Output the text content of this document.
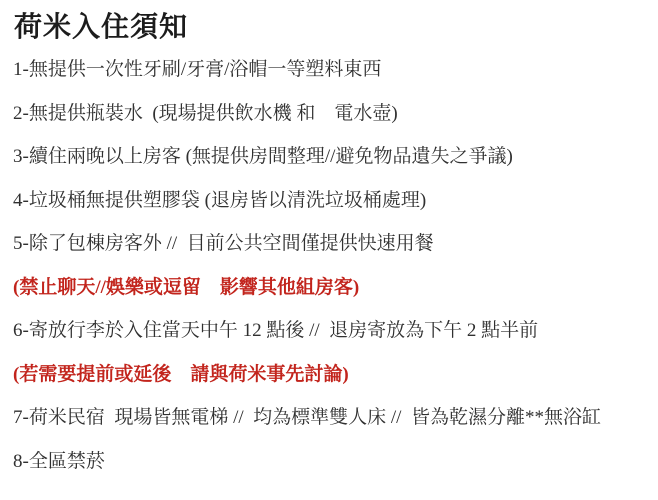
荷米入住須知
1-無提供一次性牙刷/牙膏/浴帽一等塑料東西
2-無提供瓶裝水  (現場提供飲水機 和　電水壺)
3-續住兩晚以上房客 (無提供房間整理//避免物品遺失之爭議)
4-垃圾桶無提供塑膠袋 (退房皆以清洗垃圾桶處理)
5-除了包棟房客外 //  目前公共空間僅提供快速用餐
(禁止聊天//娛樂或逗留　影響其他組房客)
6-寄放行李於入住當天中午 12 點後 //  退房寄放為下午 2 點半前
(若需要提前或延後　請與荷米事先討論)
7-荷米民宿  現場皆無電梯 //  均為標準雙人床 //  皆為乾濕分離**無浴缸
8-全區禁菸
